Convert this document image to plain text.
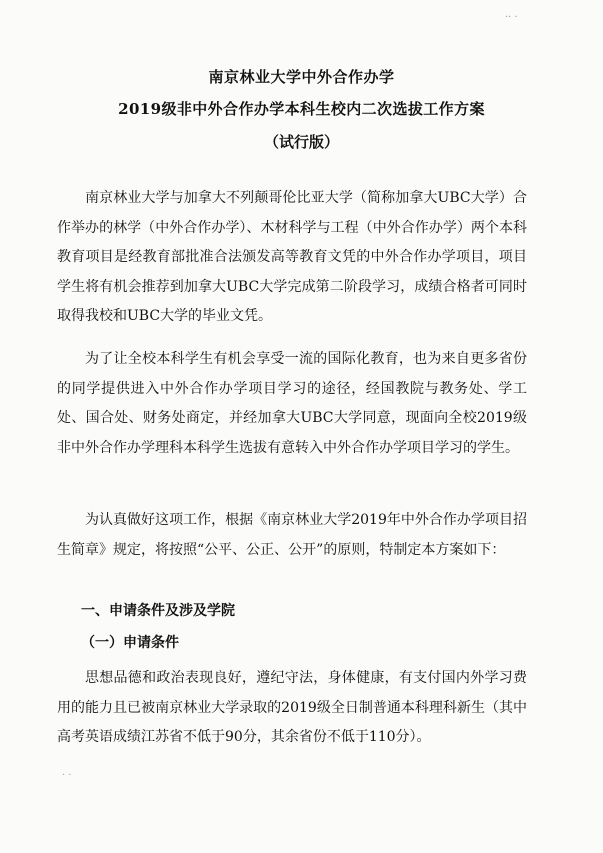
南京林业大学中外合作办学
2019级非中外合作办学本科生校内二次选拔工作方案
（试行版）

南京林业大学与加拿大不列颠哥伦比亚大学（简称加拿大UBC大学）合作举办的林学（中外合作办学）、木材科学与工程（中外合作办学）两个本科教育项目是经教育部批准合法颁发高等教育文凭的中外合作办学项目，项目学生将有机会推荐到加拿大UBC大学完成第二阶段学习，成绩合格者可同时取得我校和UBC大学的毕业文凭。

为了让全校本科学生有机会享受一流的国际化教育，也为来自更多省份的同学提供进入中外合作办学项目学习的途径，经国教院与教务处、学工处、国合处、财务处商定，并经加拿大UBC大学同意，现面向全校2019级非中外合作办学理科本科学生选拔有意转入中外合作办学项目学习的学生。

为认真做好这项工作，根据《南京林业大学2019年中外合作办学项目招生简章》规定，将按照“公平、公正、公开”的原则，特制定本方案如下：

一、申请条件及涉及学院

（一）申请条件

思想品德和政治表现良好，遵纪守法，身体健康，有支付国内外学习费用的能力且已被南京林业大学录取的2019级全日制普通本科理科新生（其中高考英语成绩江苏省不低于90分，其余省份不低于110分）。

·· ·
· ·
